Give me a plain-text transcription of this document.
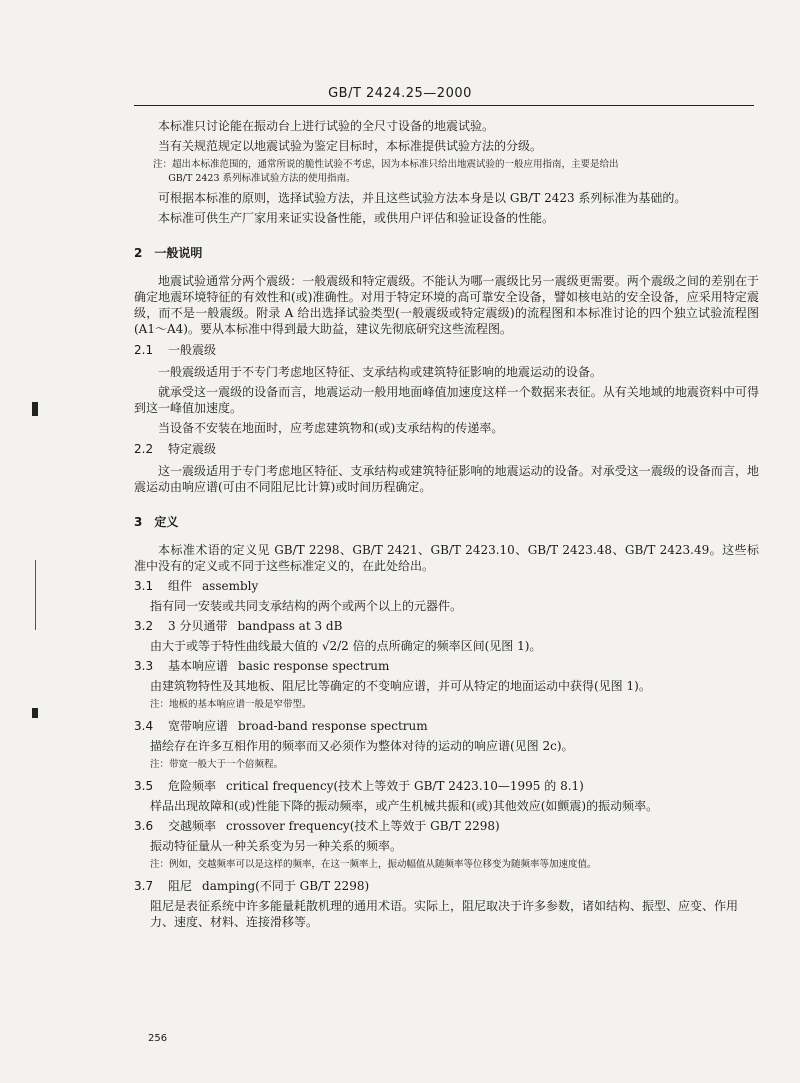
GB/T 2424.25—2000

本标准只讨论能在振动台上进行试验的全尺寸设备的地震试验。

当有关规范规定以地震试验为鉴定目标时，本标准提供试验方法的分级。

注：超出本标准范围的，通常所说的脆性试验不考虑，因为本标准只给出地震试验的一般应用指南，主要是给出
GB/T 2423 系列标准试验方法的使用指南。

可根据本标准的原则，选择试验方法，并且这些试验方法本身是以 GB/T 2423 系列标准为基础的。

本标准可供生产厂家用来证实设备性能，或供用户评估和验证设备的性能。

2　一般说明

地震试验通常分两个震级：一般震级和特定震级。不能认为哪一震级比另一震级更需要。两个震级之间的差别在于确定地震环境特征的有效性和(或)准确性。对用于特定环境的高可靠安全设备，譬如核电站的安全设备，应采用特定震级，而不是一般震级。附录 A 给出选择试验类型(一般震级或特定震级)的流程图和本标准讨论的四个独立试验流程图(A1～A4)。要从本标准中得到最大助益，建议先彻底研究这些流程图。

2.1 一般震级

一般震级适用于不专门考虑地区特征、支承结构或建筑特征影响的地震运动的设备。

就承受这一震级的设备而言，地震运动一般用地面峰值加速度这样一个数据来表征。从有关地域的地震资料中可得到这一峰值加速度。

当设备不安装在地面时，应考虑建筑物和(或)支承结构的传递率。

2.2 特定震级

这一震级适用于专门考虑地区特征、支承结构或建筑特征影响的地震运动的设备。对承受这一震级的设备而言，地震运动由响应谱(可由不同阻尼比计算)或时间历程确定。

3　定义

本标准术语的定义见 GB/T 2298、GB/T 2421、GB/T 2423.10、GB/T 2423.48、GB/T 2423.49。这些标准中没有的定义或不同于这些标准定义的，在此处给出。

3.1 组件 assembly
指有同一安装或共同支承结构的两个或两个以上的元器件。
3.2 3 分贝通带 bandpass at 3 dB
由大于或等于特性曲线最大值的 √2/2 倍的点所确定的频率区间(见图 1)。
3.3 基本响应谱 basic response spectrum
由建筑物特性及其地板、阻尼比等确定的不变响应谱，并可从特定的地面运动中获得(见图 1)。
注：地板的基本响应谱一般是窄带型。
3.4 宽带响应谱 broad-band response spectrum
描绘存在许多互相作用的频率而又必须作为整体对待的运动的响应谱(见图 2c)。
注：带宽一般大于一个倍频程。
3.5 危险频率 critical frequency(技术上等效于 GB/T 2423.10—1995 的 8.1)
样品出现故障和(或)性能下降的振动频率，或产生机械共振和(或)其他效应(如颤震)的振动频率。
3.6 交越频率 crossover frequency(技术上等效于 GB/T 2298)
振动特征量从一种关系变为另一种关系的频率。
注：例如，交越频率可以是这样的频率，在这一频率上，振动幅值从随频率等位移变为随频率等加速度值。
3.7 阻尼 damping(不同于 GB/T 2298)
阻尼是表征系统中许多能量耗散机理的通用术语。实际上，阻尼取决于许多参数，诸如结构、振型、应变、作用力、速度、材料、连接滑移等。
256
